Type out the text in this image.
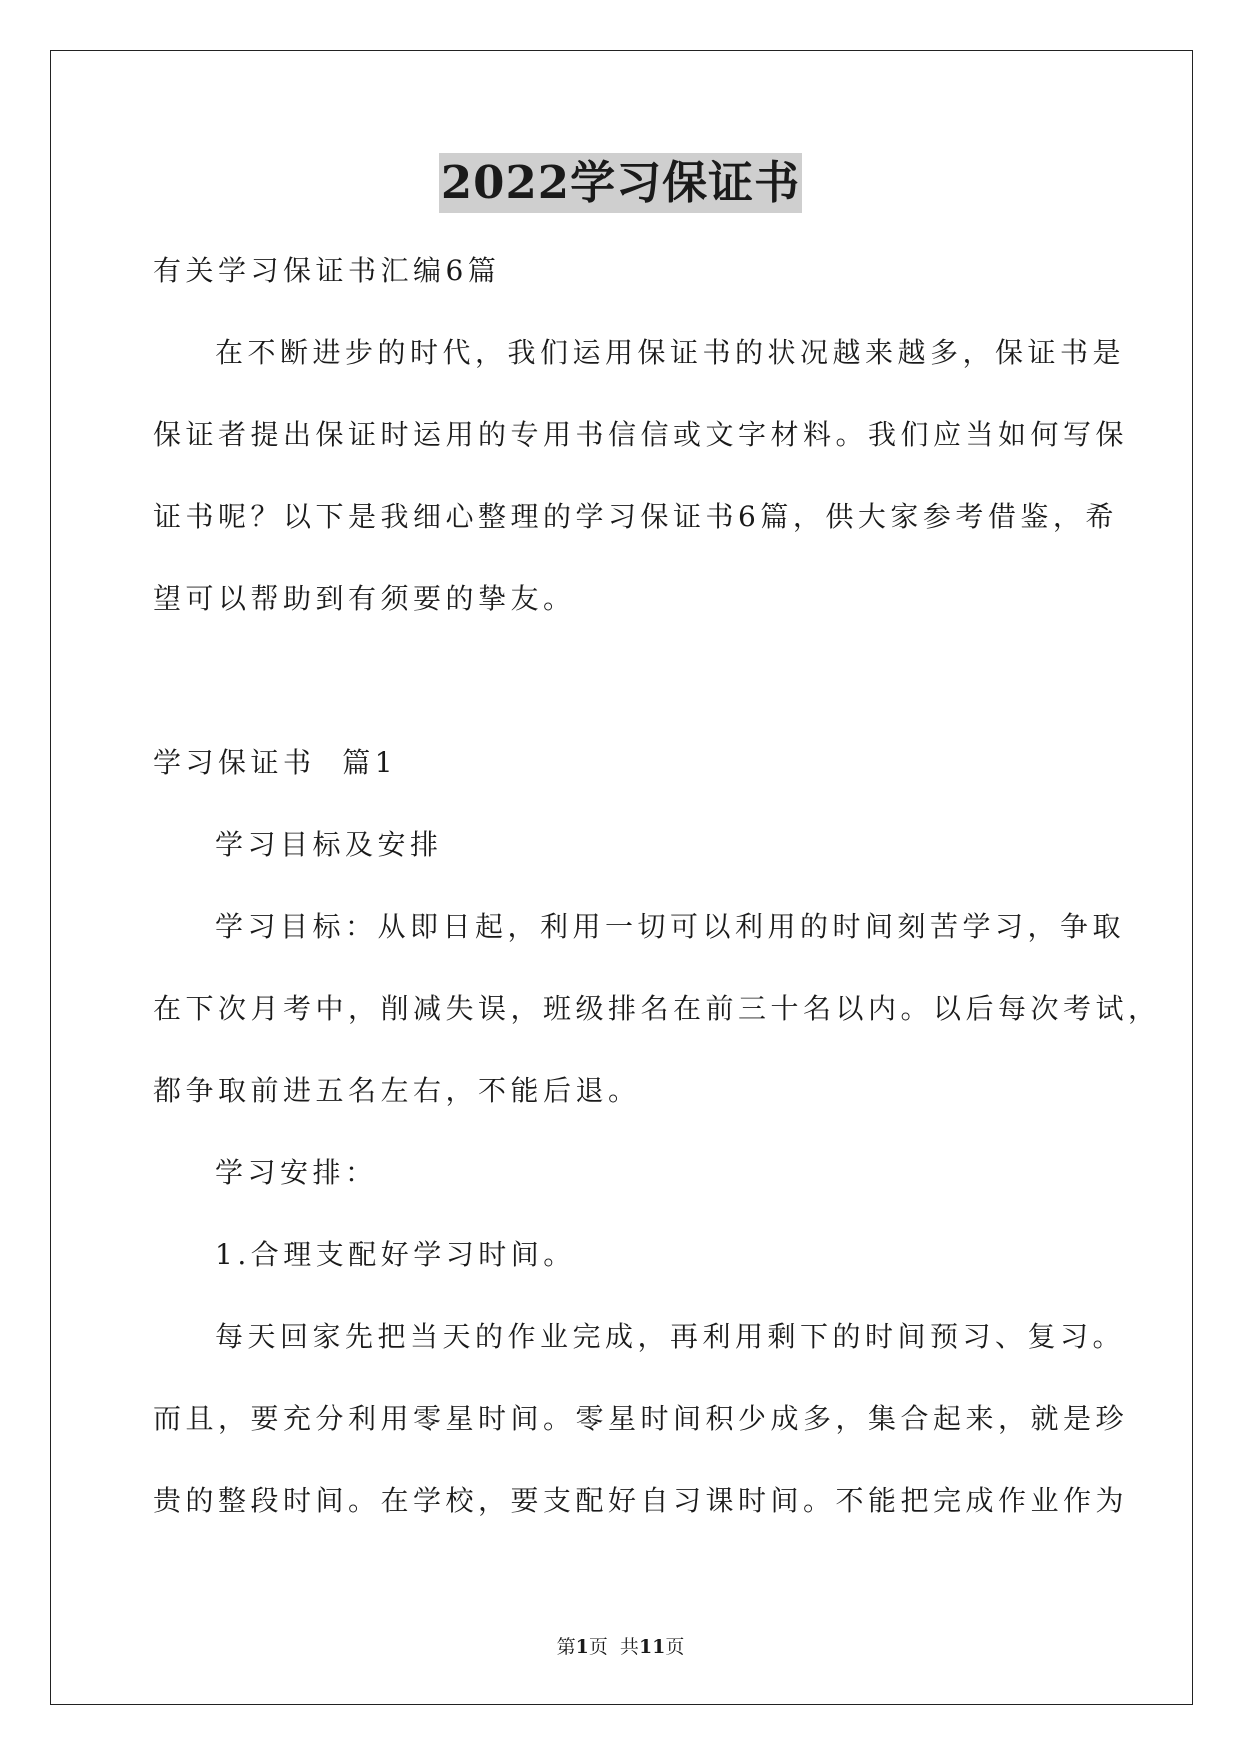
2022学习保证书
有关学习保证书汇编6篇
在不断进步的时代，我们运用保证书的状况越来越多，保证书是
保证者提出保证时运用的专用书信信或文字材料。我们应当如何写保
证书呢？以下是我细心整理的学习保证书6篇，供大家参考借鉴，希
望可以帮助到有须要的挚友。
学习保证书  篇1
学习目标及安排
学习目标：从即日起，利用一切可以利用的时间刻苦学习，争取
在下次月考中，削减失误，班级排名在前三十名以内。以后每次考试，
都争取前进五名左右，不能后退。
学习安排：
1.合理支配好学习时间。
每天回家先把当天的作业完成，再利用剩下的时间预习、复习。
而且，要充分利用零星时间。零星时间积少成多，集合起来，就是珍
贵的整段时间。在学校，要支配好自习课时间。不能把完成作业作为
第1页  共11页
